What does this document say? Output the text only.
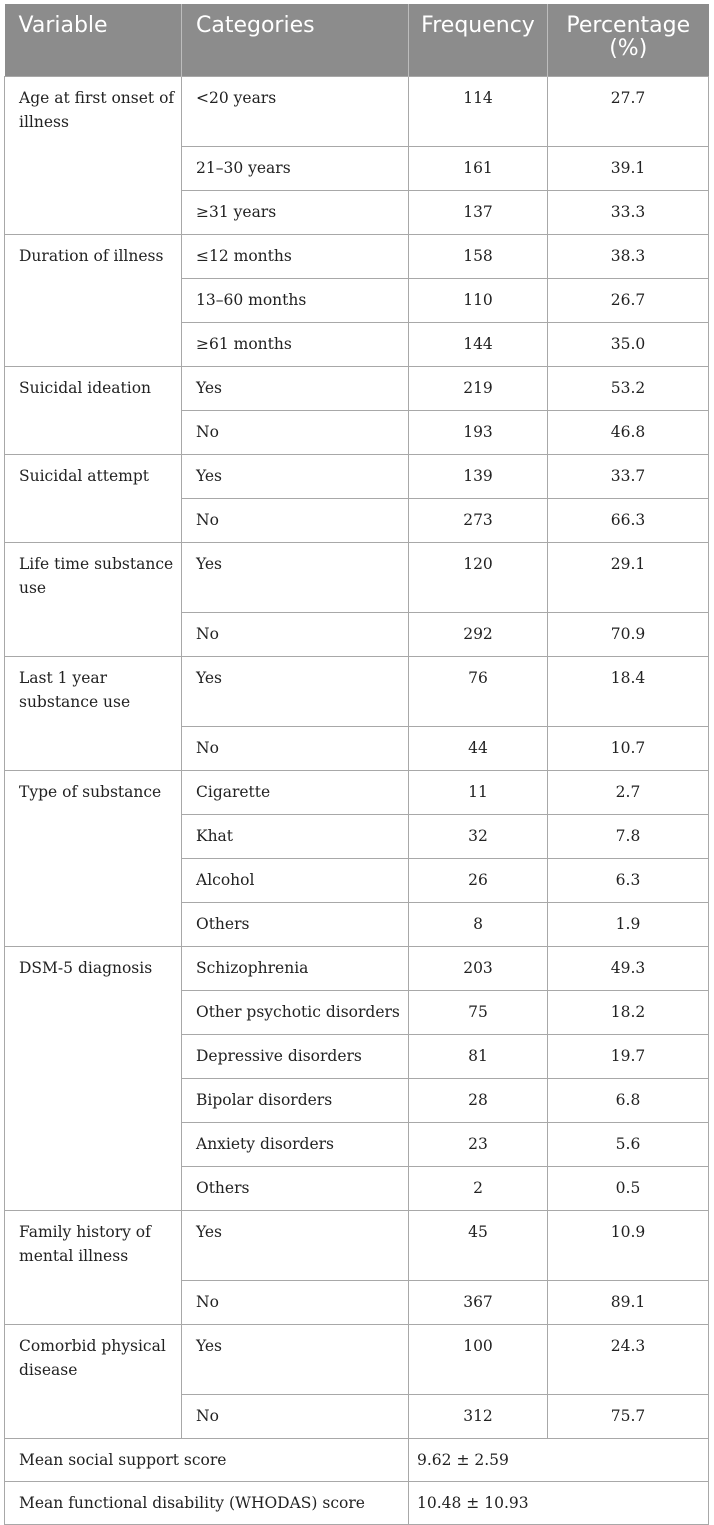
Variable	Categories	Frequency	Percentage (%)
Age at first onset of illness	<20 years	114	27.7
	21–30 years	161	39.1
	≥31 years	137	33.3
Duration of illness	≤12 months	158	38.3
	13–60 months	110	26.7
	≥61 months	144	35.0
Suicidal ideation	Yes	219	53.2
	No	193	46.8
Suicidal attempt	Yes	139	33.7
	No	273	66.3
Life time substance use	Yes	120	29.1
	No	292	70.9
Last 1 year substance use	Yes	76	18.4
	No	44	10.7
Type of substance	Cigarette	11	2.7
	Khat	32	7.8
	Alcohol	26	6.3
	Others	8	1.9
DSM-5 diagnosis	Schizophrenia	203	49.3
	Other psychotic disorders	75	18.2
	Depressive disorders	81	19.7
	Bipolar disorders	28	6.8
	Anxiety disorders	23	5.6
	Others	2	0.5
Family history of mental illness	Yes	45	10.9
	No	367	89.1
Comorbid physical disease	Yes	100	24.3
	No	312	75.7
Mean social support score		9.62 ± 2.59	
Mean functional disability (WHODAS) score		10.48 ± 10.93	
